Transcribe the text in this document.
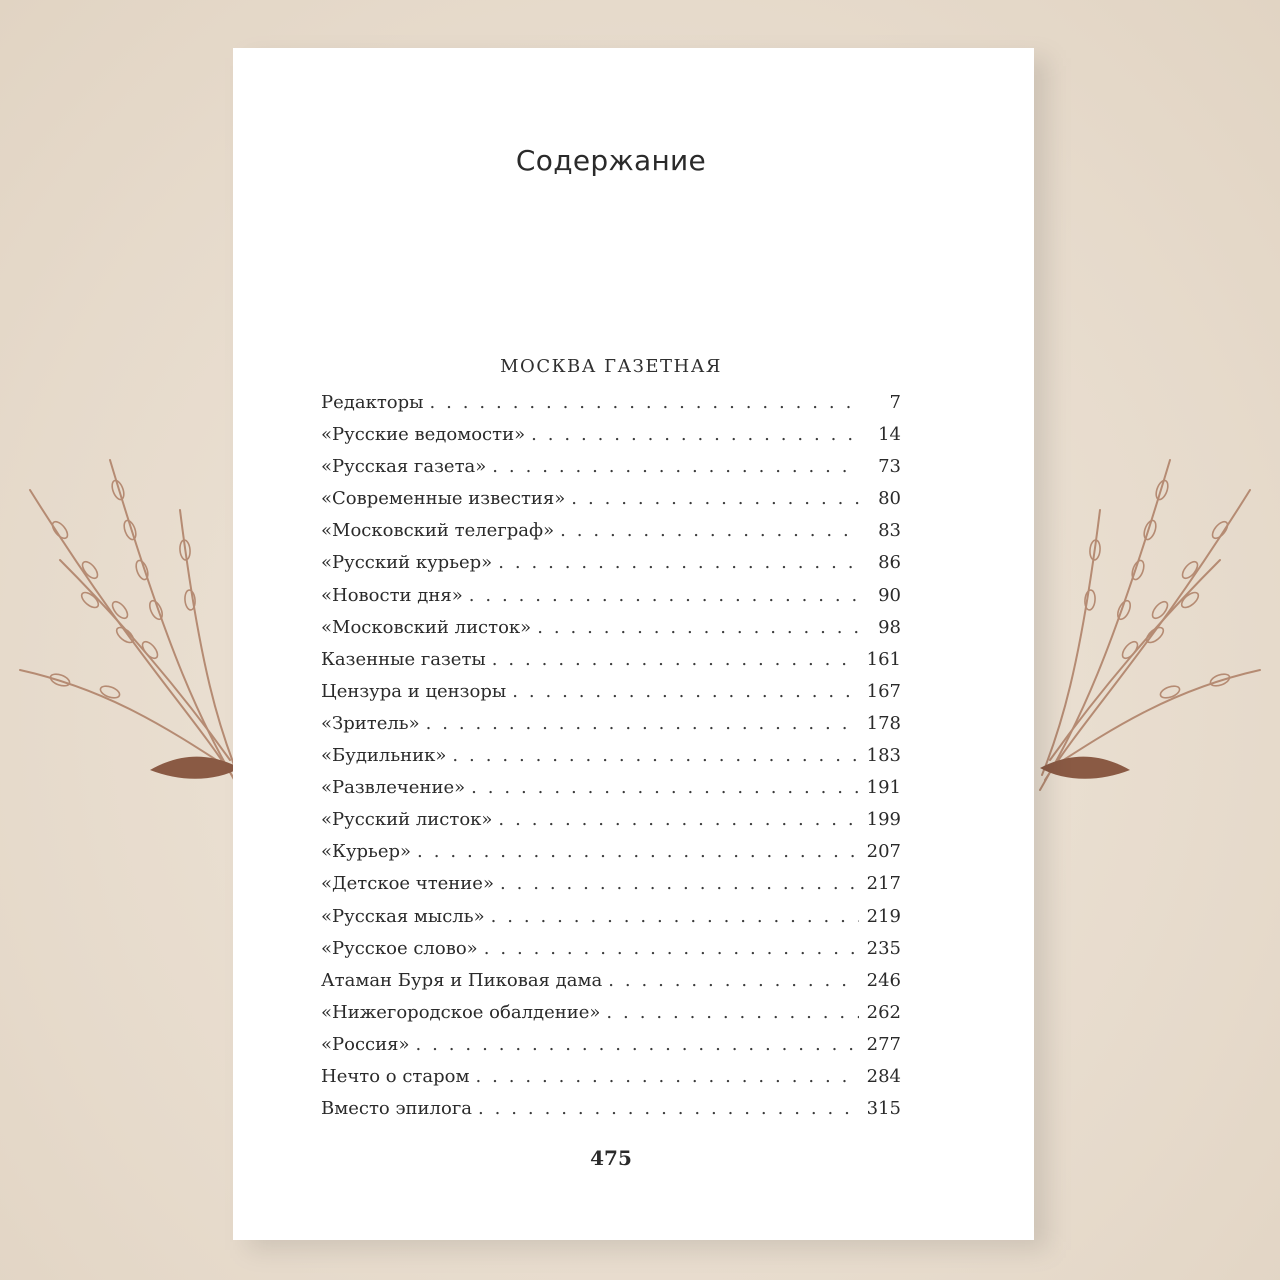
Содержание
МОСКВА ГАЗЕТНАЯ
Редакторы . . .	7
«Русские ведомости» . . .	14
«Русская газета» . . .	73
«Современные известия» . . .	80
«Московский телеграф» . . .	83
«Русский курьер» . . .	86
«Новости дня» . . .	90
«Московский листок» . . .	98
Казенные газеты . . .	161
Цензура и цензоры . . .	167
«Зритель» . . .	178
«Будильник» . . .	183
«Развлечение» . . .	191
«Русский листок» . . .	199
«Курьер» . . .	207
«Детское чтение» . . .	217
«Русская мысль» . . .	219
«Русское слово» . . .	235
Атаман Буря и Пиковая дама . . .	246
«Нижегородское обалдение» . . .	262
«Россия» . . .	277
Нечто о старом . . .	284
Вместо эпилога . . .	315
475
